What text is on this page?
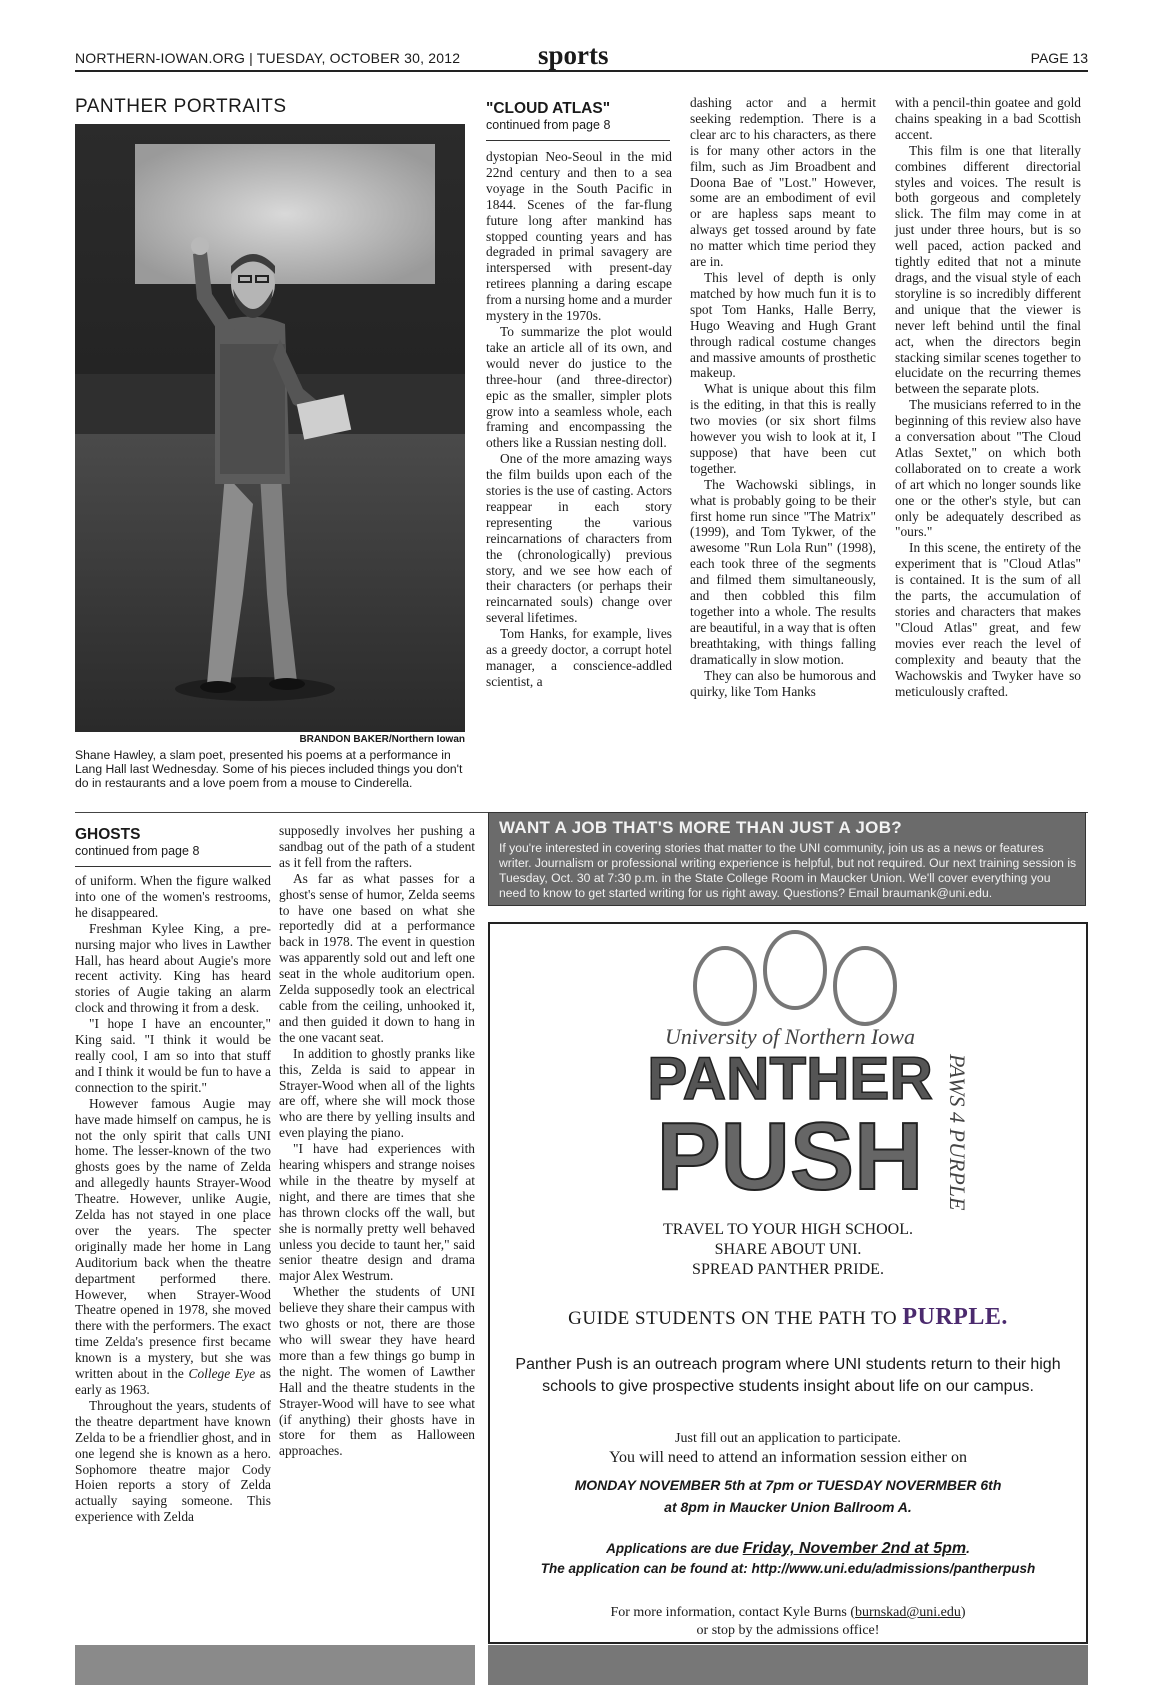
NORTHERN-IOWAN.ORG | TUESDAY, OCTOBER 30, 2012	sports	PAGE 13
PANTHER PORTRAITS
BRANDON BAKER/Northern Iowan
Shane Hawley, a slam poet, presented his poems at a performance in Lang Hall last Wednesday. Some of his pieces included things you don't do in restaurants and a love poem from a mouse to Cinderella.
"CLOUD ATLAS"
continued from page 8

dystopian Neo-Seoul in the mid 22nd century and then to a sea voyage in the South Pacific in 1844. Scenes of the far-flung future long after mankind has stopped counting years and has degraded in primal savagery are interspersed with present-day retirees planning a daring escape from a nursing home and a murder mystery in the 1970s.

To summarize the plot would take an article all of its own, and would never do justice to the three-hour (and three-director) epic as the smaller, simpler plots grow into a seamless whole, each framing and encompassing the others like a Russian nesting doll.

One of the more amazing ways the film builds upon each of the stories is the use of casting. Actors reappear in each story representing the various reincarnations of characters from the (chronologically) previous story, and we see how each of their characters (or perhaps their reincarnated souls) change over several lifetimes.

Tom Hanks, for example, lives as a greedy doctor, a corrupt hotel manager, a conscience-addled scientist, a

dashing actor and a hermit seeking redemption. There is a clear arc to his characters, as there is for many other actors in the film, such as Jim Broadbent and Doona Bae of "Lost." However, some are an embodiment of evil or are hapless saps meant to always get tossed around by fate no matter which time period they are in.

This level of depth is only matched by how much fun it is to spot Tom Hanks, Halle Berry, Hugo Weaving and Hugh Grant through radical costume changes and massive amounts of prosthetic makeup.

What is unique about this film is the editing, in that this is really two movies (or six short films however you wish to look at it, I suppose) that have been cut together.

The Wachowski siblings, in what is probably going to be their first home run since "The Matrix" (1999), and Tom Tykwer, of the awesome "Run Lola Run" (1998), each took three of the segments and filmed them simultaneously, and then cobbled this film together into a whole. The results are beautiful, in a way that is often breathtaking, with things falling dramatically in slow motion.

They can also be humorous and quirky, like Tom Hanks

with a pencil-thin goatee and gold chains speaking in a bad Scottish accent.

This film is one that literally combines different directorial styles and voices. The result is both gorgeous and completely slick. The film may come in at just under three hours, but is so well paced, action packed and tightly edited that not a minute drags, and the visual style of each storyline is so incredibly different and unique that the viewer is never left behind until the final act, when the directors begin stacking similar scenes together to elucidate on the recurring themes between the separate plots.

The musicians referred to in the beginning of this review also have a conversation about "The Cloud Atlas Sextet," on which both collaborated on to create a work of art which no longer sounds like one or the other's style, but can only be adequately described as "ours."

In this scene, the entirety of the experiment that is "Cloud Atlas" is contained. It is the sum of all the parts, the accumulation of stories and characters that makes "Cloud Atlas" great, and few movies ever reach the level of complexity and beauty that the Wachowskis and Twyker have so meticulously crafted.

GHOSTS
continued from page 8

of uniform. When the figure walked into one of the women's restrooms, he disappeared.

Freshman Kylee King, a pre-nursing major who lives in Lawther Hall, has heard about Augie's more recent activity. King has heard stories of Augie taking an alarm clock and throwing it from a desk.

"I hope I have an encounter," King said. "I think it would be really cool, I am so into that stuff and I think it would be fun to have a connection to the spirit."

However famous Augie may have made himself on campus, he is not the only spirit that calls UNI home. The lesser-known of the two ghosts goes by the name of Zelda and allegedly haunts Strayer-Wood Theatre. However, unlike Augie, Zelda has not stayed in one place over the years. The specter originally made her home in Lang Auditorium back when the theatre department performed there. However, when Strayer-Wood Theatre opened in 1978, she moved there with the performers. The exact time Zelda's presence first became known is a mystery, but she was written about in the College Eye as early as 1963.

Throughout the years, students of the theatre department have known Zelda to be a friendlier ghost, and in one legend she is known as a hero. Sophomore theatre major Cody Hoien reports a story of Zelda actually saying someone. This experience with Zelda

supposedly involves her pushing a sandbag out of the path of a student as it fell from the rafters.

As far as what passes for a ghost's sense of humor, Zelda seems to have one based on what she reportedly did at a performance back in 1978. The event in question was apparently sold out and left one seat in the whole auditorium open. Zelda supposedly took an electrical cable from the ceiling, unhooked it, and then guided it down to hang in the one vacant seat.

In addition to ghostly pranks like this, Zelda is said to appear in Strayer-Wood when all of the lights are off, where she will mock those who are there by yelling insults and even playing the piano.

"I have had experiences with hearing whispers and strange noises while in the theatre by myself at night, and there are times that she has thrown clocks off the wall, but she is normally pretty well behaved unless you decide to taunt her," said senior theatre design and drama major Alex Westrum.

Whether the students of UNI believe they share their campus with two ghosts or not, there are those who will swear they have heard more than a few things go bump in the night. The women of Lawther Hall and the theatre students in the Strayer-Wood will have to see what (if anything) their ghosts have in store for them as Halloween approaches.

WANT A JOB THAT'S MORE THAN JUST A JOB?
If you're interested in covering stories that matter to the UNI community, join us as a news or features writer. Journalism or professional writing experience is helpful, but not required. Our next training session is Tuesday, Oct. 30 at 7:30 p.m. in the State College Room in Maucker Union. We'll cover everything you need to know to get started writing for us right away. Questions? Email braumank@uni.edu.
University of Northern Iowa
PANTHER
PUSH PAWS 4 PURPLE
TRAVEL TO YOUR HIGH SCHOOL.
SHARE ABOUT UNI.
SPREAD PANTHER PRIDE.
GUIDE STUDENTS ON THE PATH TO PURPLE.
Panther Push is an outreach program where UNI students return to their high schools to give prospective students insight about life on our campus.
Just fill out an application to participate.
You will need to attend an information session either on
MONDAY NOVEMBER 5th at 7pm or TUESDAY NOVERMBER 6th
at 8pm in Maucker Union Ballroom A.
Applications are due Friday, November 2nd at 5pm.
The application can be found at: http://www.uni.edu/admissions/pantherpush
For more information, contact Kyle Burns (burnskad@uni.edu)
or stop by the admissions office!
